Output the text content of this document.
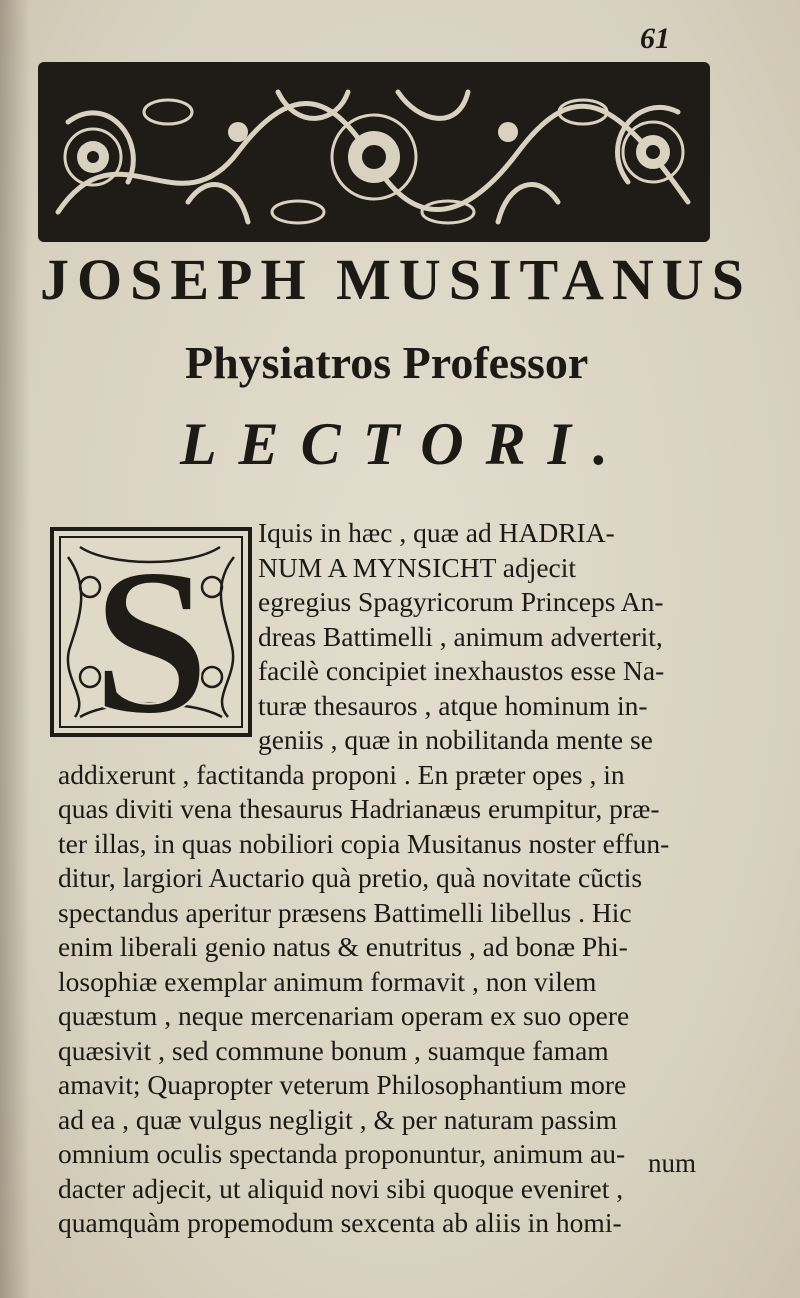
61
JOSEPH MUSITANUS
Physiatros Professor
LECTORI.
S	Iquis in hæc , quæ ad HADRIA-
NUM A MYNSICHT adjecit
egregius Spagyricorum Princeps An-
dreas Battimelli , animum adverterit,
facilè concipiet inexhaustos esse Na-
turæ thesauros , atque hominum in-
geniis , quæ in nobilitanda mente se
addixerunt , factitanda proponi . En præter opes , in
quas diviti vena thesaurus Hadrianæus erumpitur, præ-
ter illas, in quas nobiliori copia Musitanus noster effun-
ditur, largiori Auctario quà pretio, quà novitate cũctis
spectandus aperitur præsens Battimelli libellus . Hic
enim liberali genio natus & enutritus , ad bonæ Phi-
losophiæ exemplar animum formavit , non vilem
quæstum , neque mercenariam operam ex suo opere
quæsivit , sed commune bonum , suamque famam
amavit; Quapropter veterum Philosophantium more
ad ea , quæ vulgus negligit , & per naturam passim
omnium oculis spectanda proponuntur, animum au-
dacter adjecit, ut aliquid novi sibi quoque eveniret ,
quamquàm propemodum sexcenta ab aliis in homi-
num
